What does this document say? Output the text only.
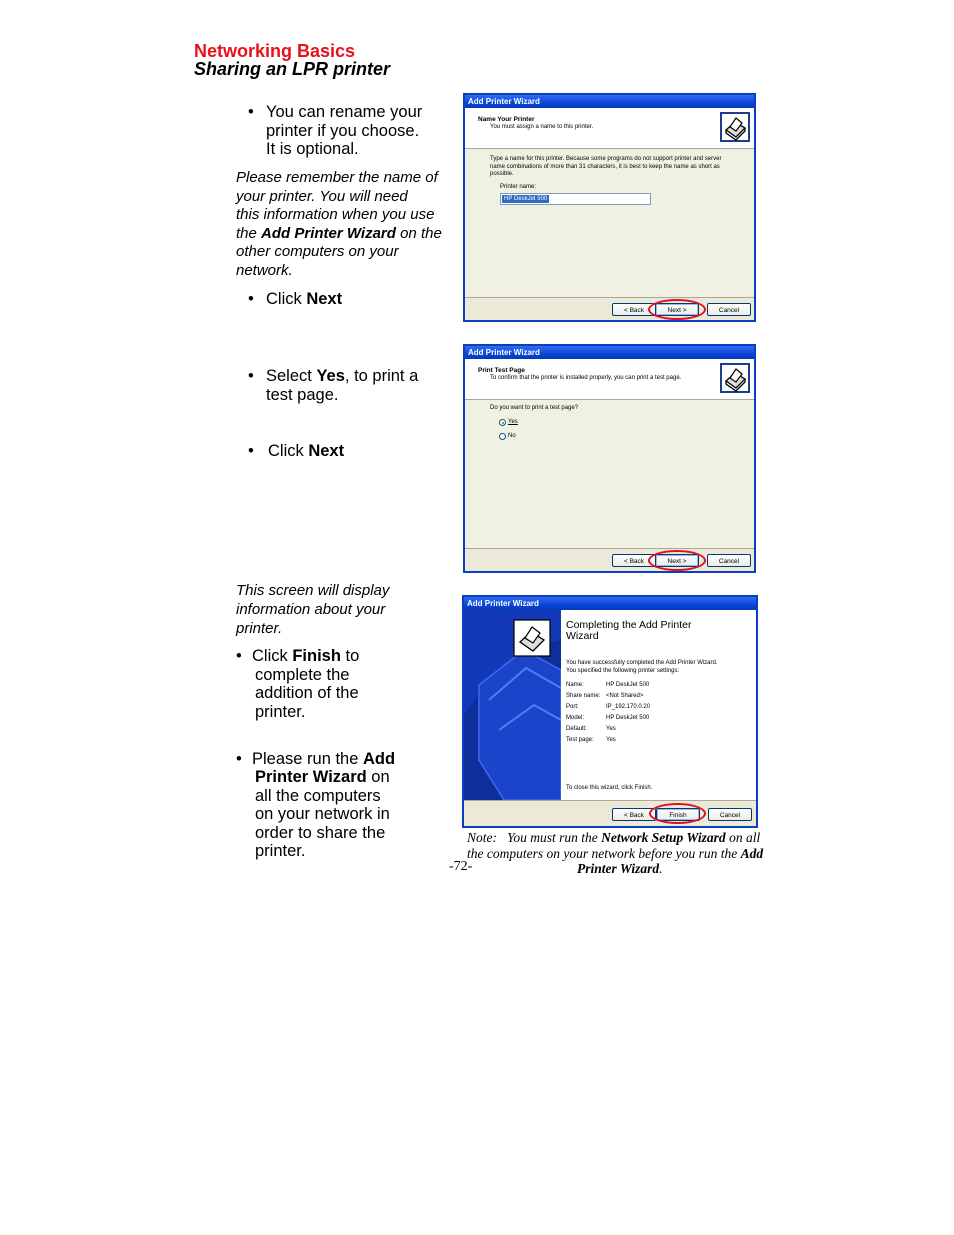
Networking Basics
Sharing an LPR printer
• You can rename your
printer if you choose.
It is optional.
Please remember the name of
your printer. You will need
this information when you use
the Add Printer Wizard on the
other computers on your
network.
• Click Next
Add Printer Wizard
Name Your Printer
You must assign a name to this printer.
Type a name for this printer. Because some programs do not support printer and server
name combinations of more than 31 characters, it is best to keep the name as short as
possible.
Printer name:
HP DeskJet 500
< Back	Next >	Cancel
• Select Yes, to print a
test page.
• Click Next
Add Printer Wizard
Print Test Page
To confirm that the printer is installed properly, you can print a test page.
Do you want to print a test page?
Yes
No
< Back	Next >	Cancel
This screen will display
information about your
printer.
• Click Finish to
complete the
addition of the
printer.
• Please run the Add
Printer Wizard on
all the computers
on your network in
order to share the
printer.
Add Printer Wizard
Completing the Add Printer
Wizard
You have successfully completed the Add Printer Wizard.
You specified the following printer settings:
Name:	HP DeskJet 500
Share name: <Not Shared>
Port:	IP_192.170.0.20
Model:	HP DeskJet 500
Default:	Yes
Test page: Yes
To close this wizard, click Finish.
< Back	Finish	Cancel
Note: You must run the Network Setup Wizard on all
the computers on your network before you run the Add
Printer Wizard.
-72-
